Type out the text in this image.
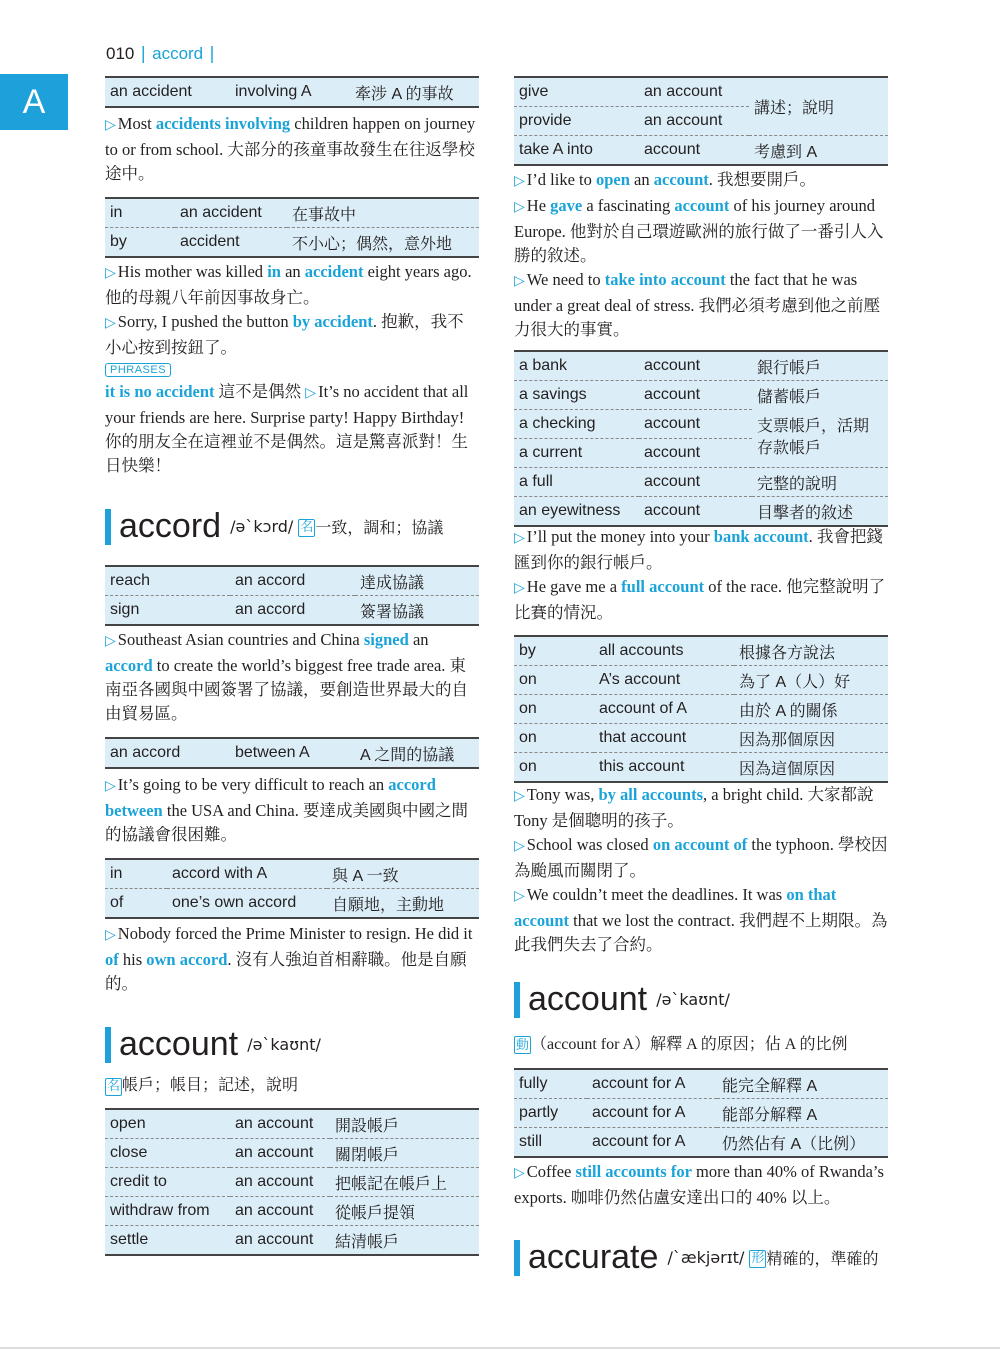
010 | accord |
A	an accident	involving A	牽涉 A 的事故
▷ Most accidents involving children happen on journey to or from school. 大部分的孩童事故發生在往返學校途中。
in	an accident	在事故中
by	accident	不小心；偶然，意外地
▷ His mother was killed in an accident eight years ago. 他的母親八年前因事故身亡。
▷ Sorry, I pushed the button by accident. 抱歉，我不小心按到按鈕了。
PHRASES
it is no accident 這不是偶然 ▷ It’s no accident that all your friends are here. Surprise party! Happy Birthday! 你的朋友全在這裡並不是偶然。這是驚喜派對！生日快樂！
accord /ə`kɔrd/ 名 一致，調和；協議
reach	an accord	達成協議
sign	an accord	簽署協議
▷ Southeast Asian countries and China signed an accord to create the world’s biggest free trade area. 東南亞各國與中國簽署了協議，要創造世界最大的自由貿易區。
an accord	between A	A 之間的協議
▷ It’s going to be very difficult to reach an accord between the USA and China. 要達成美國與中國之間的協議會很困難。
in	accord with A	與 A 一致
of	one’s own accord	自願地，主動地
▷ Nobody forced the Prime Minister to resign. He did it of his own accord. 沒有人強迫首相辭職。他是自願的。
account /ə`kaʊnt/
名 帳戶；帳目；記述，說明
open	an account	開設帳戶
close	an account	關閉帳戶
credit to	an account	把帳記在帳戶上
withdraw from	an account	從帳戶提領
settle	an account	結清帳戶
give	an account	講述；說明
provide	an account	
take A into	account	考慮到 A
▷ I’d like to open an account. 我想要開戶。
▷ He gave a fascinating account of his journey around Europe. 他對於自己環遊歐洲的旅行做了一番引人入勝的敘述。
▷ We need to take into account the fact that he was under a great deal of stress. 我們必須考慮到他之前壓力很大的事實。
a bank	account	銀行帳戶
a savings	account	儲蓄帳戶
a checking	account	支票帳戶，活期存款帳戶
a current	account	
a full	account	完整的說明
an eyewitness	account	目擊者的敘述
▷ I’ll put the money into your bank account. 我會把錢匯到你的銀行帳戶。
▷ He gave me a full account of the race. 他完整說明了比賽的情況。
by	all accounts	根據各方說法
on	A’s account	為了 A（人）好
on	account of A	由於 A 的關係
on	that account	因為那個原因
on	this account	因為這個原因
▷ Tony was, by all accounts, a bright child. 大家都說 Tony 是個聰明的孩子。
▷ School was closed on account of the typhoon. 學校因為颱風而關閉了。
▷ We couldn’t meet the deadlines. It was on that account that we lost the contract. 我們趕不上期限。為此我們失去了合約。
account /ə`kaʊnt/
動 （account for A）解釋 A 的原因；佔 A 的比例
fully	account for A	能完全解釋 A
partly	account for A	能部分解釋 A
still	account for A	仍然佔有 A（比例）
▷ Coffee still accounts for more than 40% of Rwanda’s exports. 咖啡仍然佔盧安達出口的 40% 以上。
accurate /`ækjərɪt/ 形 精確的，準確的
